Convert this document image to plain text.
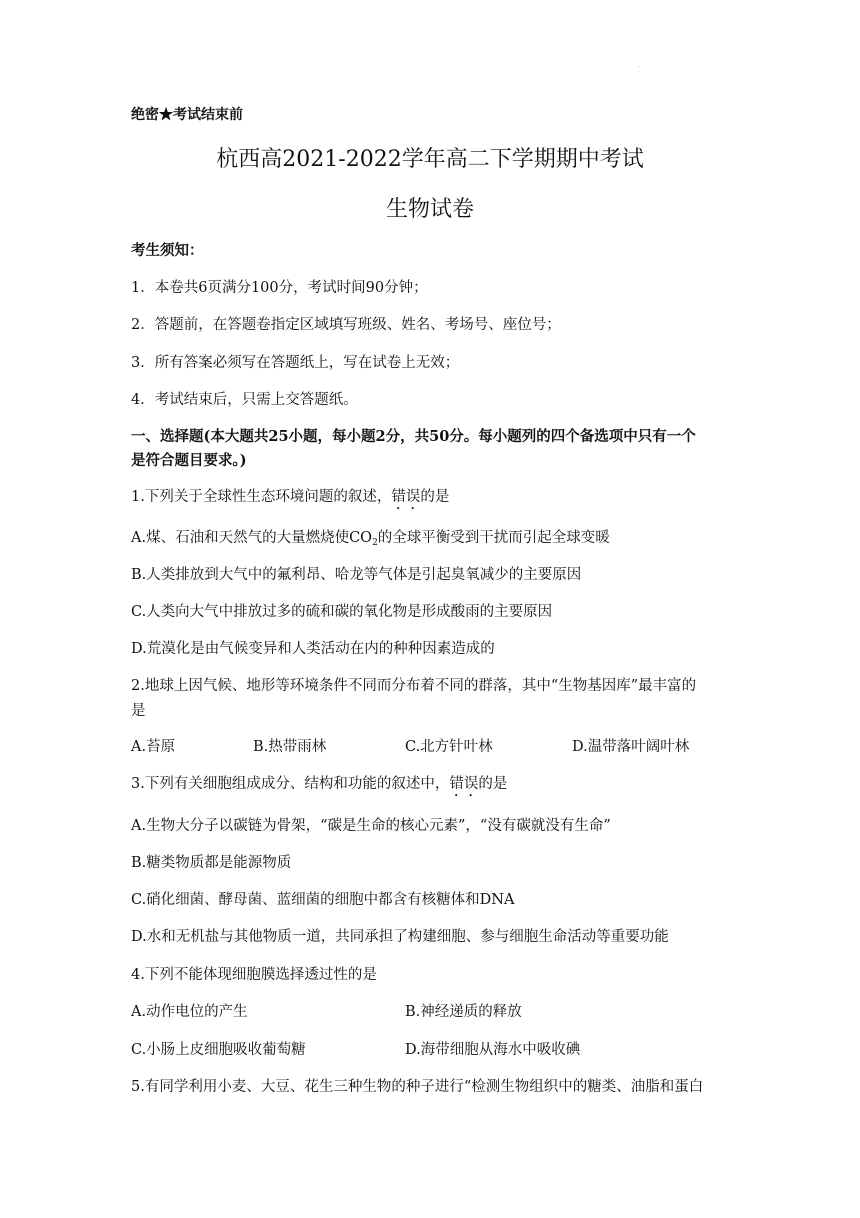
.
绝密★考试结束前
杭西高2021-2022学年高二下学期期中考试
生物试卷
考生须知：
1．本卷共6页满分100分，考试时间90分钟；
2．答题前，在答题卷指定区域填写班级、姓名、考场号、座位号；
3．所有答案必须写在答题纸上，写在试卷上无效；
4．考试结束后，只需上交答题纸。
一、选择题(本大题共25小题，每小题2分，共50分。每小题列的四个备选项中只有一个
是符合题目要求。)
1.下列关于全球性生态环境问题的叙述，错误的是
A.煤、石油和天然气的大量燃烧使$CO_2$的全球平衡受到干扰而引起全球变暖
B.人类排放到大气中的氟利昂、哈龙等气体是引起臭氧减少的主要原因
C.人类向大气中排放过多的硫和碳的氧化物是形成酸雨的主要原因
D.荒漠化是由气候变异和人类活动在内的种种因素造成的
2.地球上因气候、地形等环境条件不同而分布着不同的群落，其中“生物基因库”最丰富的
是
A.苔原	B.热带雨林	C.北方针叶林	D.温带落叶阔叶林
3.下列有关细胞组成成分、结构和功能的叙述中，错误的是
A.生物大分子以碳链为骨架，“碳是生命的核心元素”，“没有碳就没有生命”
B.糖类物质都是能源物质
C.硝化细菌、酵母菌、蓝细菌的细胞中都含有核糖体和DNA
D.水和无机盐与其他物质一道，共同承担了构建细胞、参与细胞生命活动等重要功能
4.下列不能体现细胞膜选择透过性的是
A.动作电位的产生	B.神经递质的释放
C.小肠上皮细胞吸收葡萄糖	D.海带细胞从海水中吸收碘
5.有同学利用小麦、大豆、花生三种生物的种子进行“检测生物组织中的糖类、油脂和蛋白
